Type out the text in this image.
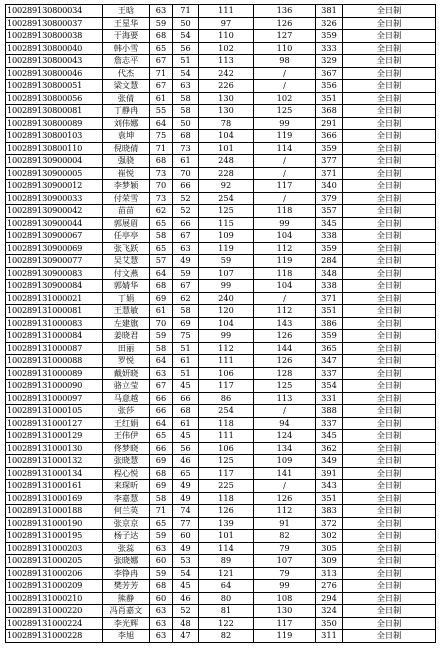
100289130800034	王晗	63	71	111	136	381	全日制
100289130800037	王星华	59	50	97	126	326	全日制
100289130800038	于海要	68	54	110	127	359	全日制
100289130800040	韩小雪	65	56	102	110	333	全日制
100289130800043	詹志平	67	51	113	98	329	全日制
100289130800046	代杰	71	54	242	/	367	全日制
100289130800051	梁文慧	67	63	226	/	356	全日制
100289130800056	张倩	61	58	130	102	351	全日制
100289130800081	丁静冉	55	58	130	125	368	全日制
100289130800089	刘伟娜	64	50	78	99	291	全日制
100289130800103	袁坤	75	68	104	119	366	全日制
100289130800110	倪晓倩	71	73	101	114	359	全日制
100289130900004	强骁	68	61	248	/	377	全日制
100289130900005	崔悦	73	70	228	/	371	全日制
100289130900012	李梦颖	70	66	92	117	340	全日制
100289130900033	付荣雪	73	52	254	/	379	全日制
100289130900042	苗苗	62	52	125	118	357	全日制
100289130900044	郭展眉	65	66	115	99	345	全日制
100289130900067	任亭亭	58	67	109	104	338	全日制
100289130900069	张飞跃	65	63	119	112	359	全日制
100289130900077	吴艾慧	57	49	59	119	284	全日制
100289130900083	付文燕	64	59	107	118	348	全日制
100289130900084	郭婧华	68	67	99	104	338	全日制
100289131000021	丁娟	69	62	240	/	371	全日制
100289131000081	王慧敏	61	58	120	112	351	全日制
100289131000083	左建旗	70	69	104	143	386	全日制
100289131000084	姜晓君	59	75	99	126	359	全日制
100289131000087	田丽	58	51	112	144	365	全日制
100289131000088	罗悦	64	61	111	126	347	全日制
100289131000089	戴妍晓	63	51	106	128	337	全日制
100289131000090	骆立莹	67	45	117	125	354	全日制
100289131000097	马意越	66	66	86	113	331	全日制
100289131000105	张莎	66	68	254	/	388	全日制
100289131000127	王红娟	64	61	118	94	337	全日制
100289131000129	王伟伊	65	45	111	124	345	全日制
100289131000130	佟梦晓	66	56	106	134	362	全日制
100289131000132	张晓慧	69	46	125	109	349	全日制
100289131000134	程心悦	68	65	117	141	391	全日制
100289131000161	来琛昕	69	49	225	/	343	全日制
100289131000169	李嘉慧	58	49	118	126	351	全日制
100289131000188	何兰英	71	74	126	112	383	全日制
100289131000190	张京京	65	77	139	91	372	全日制
100289131000195	杨子达	59	60	101	82	302	全日制
100289131000203	张蕊	63	49	114	79	305	全日制
100289131000205	张晓娜	60	53	89	107	309	全日制
100289131000206	李铮冉	59	54	121	79	313	全日制
100289131000209	樊芳芳	68	45	64	99	276	全日制
100289131000210	熊静	60	46	80	108	294	全日制
100289131000220	冯肖嘉文	63	52	81	130	324	全日制
100289131000224	李光辉	63	48	122	117	350	全日制
100289131000228	李旭	63	47	82	119	311	全日制
